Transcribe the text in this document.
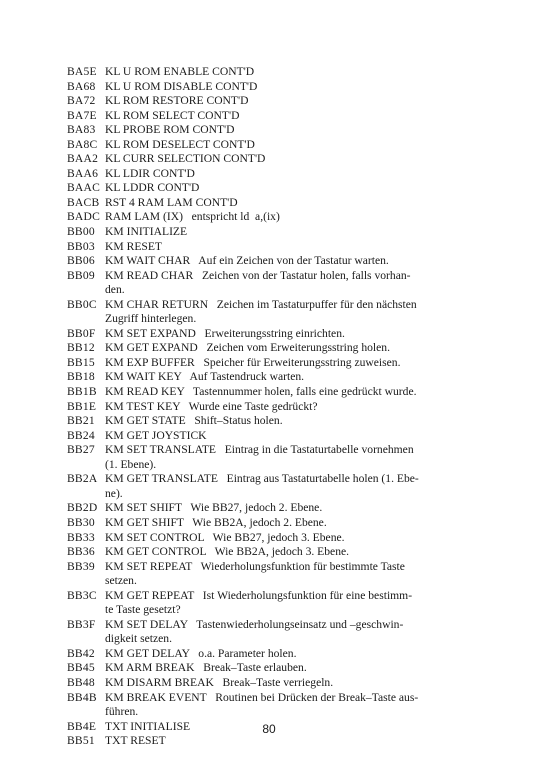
BA5E KL U ROM ENABLE CONT'D
BA68 KL U ROM DISABLE CONT'D
BA72 KL ROM RESTORE CONT'D
BA7E KL ROM SELECT CONT'D
BA83 KL PROBE ROM CONT'D
BA8C KL ROM DESELECT CONT'D
BAA2 KL CURR SELECTION CONT'D
BAA6 KL LDIR CONT'D
BAAC KL LDDR CONT'D
BACB RST 4 RAM LAM CONT'D
BADC RAM LAM (IX)   entspricht ld  a,(ix)
BB00 KM INITIALIZE
BB03 KM RESET
BB06 KM WAIT CHAR   Auf ein Zeichen von der Tastatur warten.
BB09 KM READ CHAR   Zeichen von der Tastatur holen, falls vorhan-
den.
BB0C KM CHAR RETURN   Zeichen im Tastaturpuffer für den nächsten
Zugriff hinterlegen.
BB0F KM SET EXPAND   Erweiterungsstring einrichten.
BB12 KM GET EXPAND   Zeichen vom Erweiterungsstring holen.
BB15 KM EXP BUFFER   Speicher für Erweiterungsstring zuweisen.
BB18 KM WAIT KEY   Auf Tastendruck warten.
BB1B KM READ KEY   Tastennummer holen, falls eine gedrückt wurde.
BB1E KM TEST KEY   Wurde eine Taste gedrückt?
BB21 KM GET STATE   Shift–Status holen.
BB24 KM GET JOYSTICK
BB27 KM SET TRANSLATE   Eintrag in die Tastaturtabelle vornehmen
(1. Ebene).
BB2A KM GET TRANSLATE   Eintrag aus Tastaturtabelle holen (1. Ebe-
ne).
BB2D KM SET SHIFT   Wie BB27, jedoch 2. Ebene.
BB30 KM GET SHIFT   Wie BB2A, jedoch 2. Ebene.
BB33 KM SET CONTROL   Wie BB27, jedoch 3. Ebene.
BB36 KM GET CONTROL   Wie BB2A, jedoch 3. Ebene.
BB39 KM SET REPEAT   Wiederholungsfunktion für bestimmte Taste
setzen.
BB3C KM GET REPEAT   Ist Wiederholungsfunktion für eine bestimm-
te Taste gesetzt?
BB3F KM SET DELAY   Tastenwiederholungseinsatz und –geschwin-
digkeit setzen.
BB42 KM GET DELAY   o.a. Parameter holen.
BB45 KM ARM BREAK   Break–Taste erlauben.
BB48 KM DISARM BREAK   Break–Taste verriegeln.
BB4B KM BREAK EVENT   Routinen bei Drücken der Break–Taste aus-
führen.
BB4E TXT INITIALISE
BB51 TXT RESET
80
